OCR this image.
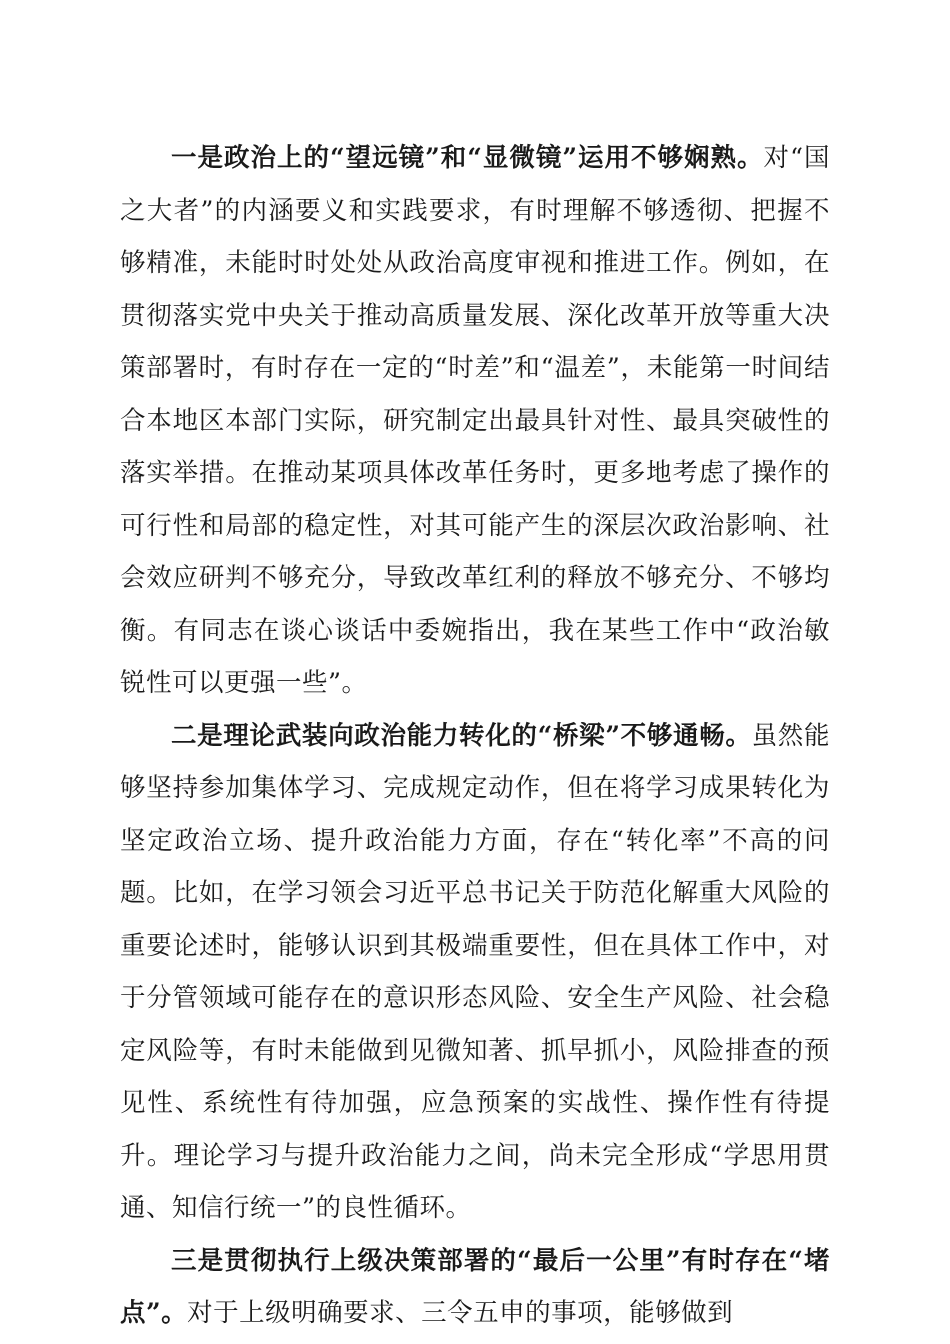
一是政治上的“望远镜”和“显微镜”运用不够娴熟。对“国之大者”的内涵要义和实践要求，有时理解不够透彻、把握不够精准，未能时时处处从政治高度审视和推进工作。例如，在贯彻落实党中央关于推动高质量发展、深化改革开放等重大决策部署时，有时存在一定的“时差”和“温差”，未能第一时间结合本地区本部门实际，研究制定出最具针对性、最具突破性的落实举措。在推动某项具体改革任务时，更多地考虑了操作的可行性和局部的稳定性，对其可能产生的深层次政治影响、社会效应研判不够充分，导致改革红利的释放不够充分、不够均衡。有同志在谈心谈话中委婉指出，我在某些工作中“政治敏锐性可以更强一些”。

二是理论武装向政治能力转化的“桥梁”不够通畅。虽然能够坚持参加集体学习、完成规定动作，但在将学习成果转化为坚定政治立场、提升政治能力方面，存在“转化率”不高的问题。比如，在学习领会习近平总书记关于防范化解重大风险的重要论述时，能够认识到其极端重要性，但在具体工作中，对于分管领域可能存在的意识形态风险、安全生产风险、社会稳定风险等，有时未能做到见微知著、抓早抓小，风险排查的预见性、系统性有待加强，应急预案的实战性、操作性有待提升。理论学习与提升政治能力之间，尚未完全形成“学思用贯通、知信行统一”的良性循环。

三是贯彻执行上级决策部署的“最后一公里”有时存在“堵点”。对于上级明确要求、三令五申的事项，能够做到
